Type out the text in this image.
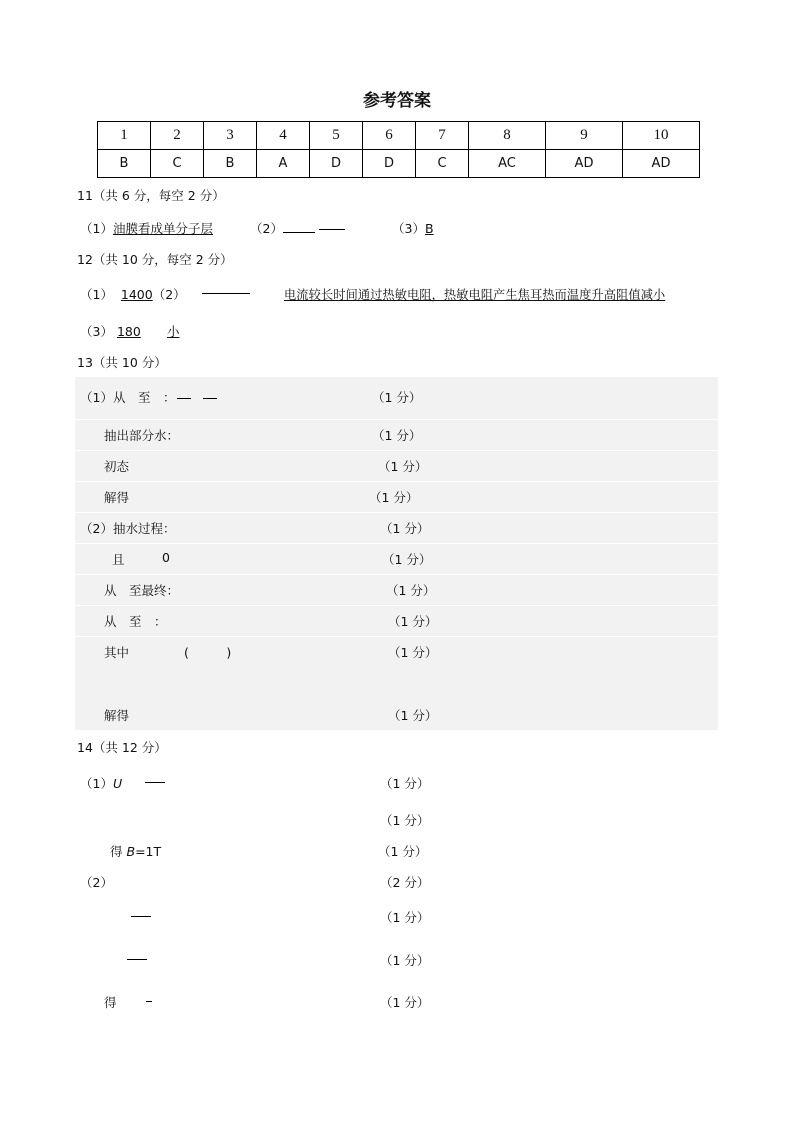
参考答案
1	2	3	4	5	6	7	8	9	10
B	C	B	A	D	D	C	AC	AD	AD
11（共 6 分，每空 2 分）
（1）油膜看成单分子层	（2）	（3）B
12（共 10 分，每空 2 分）
（1） 1400（2）	电流较长时间通过热敏电阻，热敏电阻产生焦耳热而温度升高阻值减小
（3） 180 小
13（共 10 分）
（1）从　至　：	（1 分）
抽出部分水：	（1 分）
初态	（1 分）
解得	（1 分）
（2）抽水过程：	（1 分）
且	0	（1 分）
从　至最终：	（1 分）
从　至　：	（1 分）
其中	(　　　)	（1 分）
解得	（1 分）
14（共 12 分）
（1）U	（1 分）
（1 分）
得 B=1T	（1 分）
（2）	（2 分）
（1 分）
（1 分）
得	（1 分）
